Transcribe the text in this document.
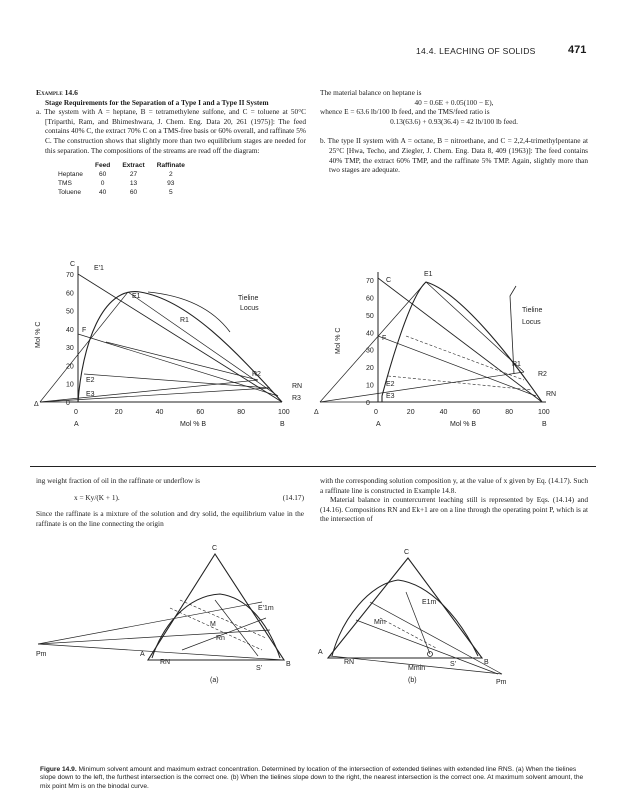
14.4. LEACHING OF SOLIDS	471

Example 14.6

Stage Requirements for the Separation of a Type I and a Type II System

a. The system with A = heptane, B = tetramethylene sulfone, and C = toluene at 50°C [Triparthi, Ram, and Bhimeshwara, J. Chem. Eng. Data 20, 261 (1975)]: The feed contains 40% C, the extract 70% C on a TMS-free basis or 60% overall, and raffinate 5% C. The construction shows that slightly more than two equilibrium stages are needed for this separation. The compositions of the streams are read off the diagram:

	Feed	Extract	Raffinate
Heptane	60	27	2
TMS	0	13	93
Toluene	40	60	5

The material balance on heptane is

40 = 0.6E + 0.05(100 − E),

whence E = 63.6 lb/100 lb feed, and the TMS/feed ratio is

0.13(63.6) + 0.93(36.4) = 42 lb/100 lb feed.

b. The type II system with A = octane, B = nitroethane, and C = 2,2,4-trimethylpentane at 25°C [Hwa, Techo, and Ziegler, J. Chem. Eng. Data 8, 409 (1963)]: The feed contains 40% TMP, the extract 60% TMP, and the raffinate 5% TMP. Again, slightly more than two stages are adequate.

E'1
C
E1
R1
Tieline
Locus
F
E2
E3
R2
RN
R3
Δ
Mol % C
Mol % B
A	B
0	20	40	60	80	100
70
60
50
40
30
20
10
0
C
E1
Tieline
Locus
F
E2
E3
R1
R2
RN
Δ
Mol % C
Mol % B
A	B
0	20	40	60	80	100
70
60
50
40
30
20
10
0

ing weight fraction of oil in the raffinate or underflow is

x = Ky/(K + 1).	(14.17)

Since the raffinate is a mixture of the solution and dry solid, the equilibrium value in the raffinate is on the line connecting the origin

with the corresponding solution composition y, at the value of x given by Eq. (14.17). Such a raffinate line is constructed in Example 14.8.

Material balance in countercurrent leaching still is represented by Eqs. (14.14) and (14.16). Compositions RN and Ek+1 are on a line through the operating point P, which is at the intersection of

C
E'1m
M
Rn
Pm	A
RN
S'
B
(a)
C
E1m
Mm
A
RN
Mmin
S'	B
Pm
(b)
Figure 14.9. Minimum solvent amount and maximum extract concentration. Determined by location of the intersection of extended tielines with extended line RNS. (a) When the tielines slope down to the left, the furthest intersection is the correct one. (b) When the tielines slope down to the right, the nearest intersection is the correct one. At maximum solvent amount, the mix point Mm is on the binodal curve.
